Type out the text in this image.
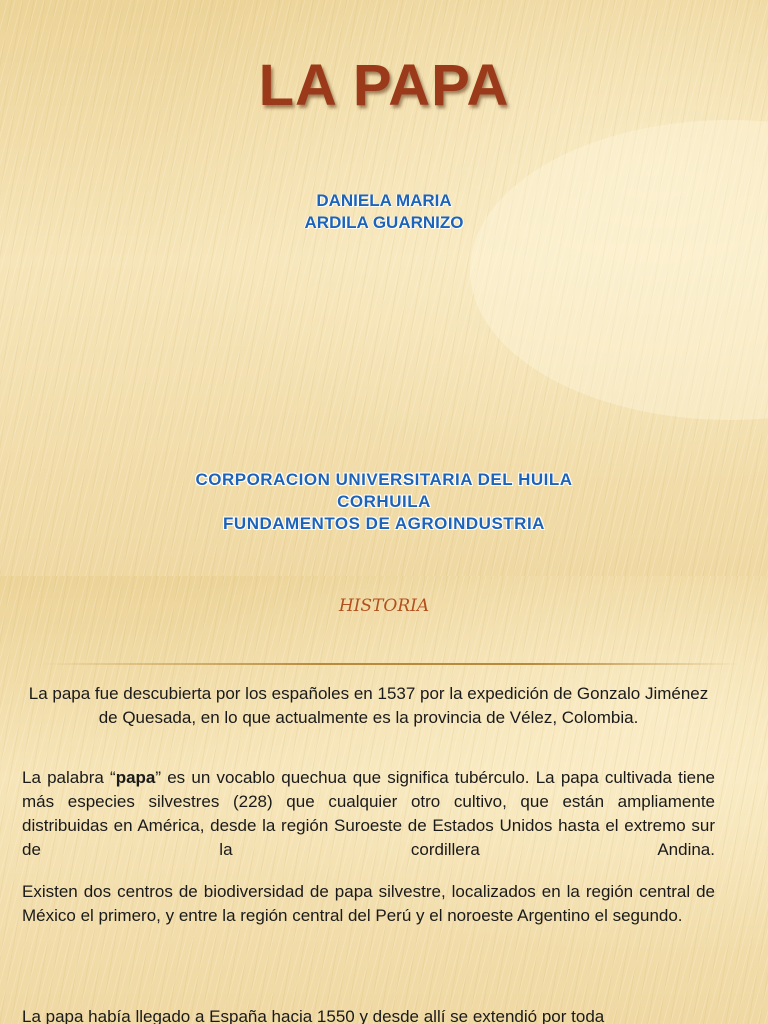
LA PAPA
DANIELA MARIA
ARDILA GUARNIZO
CORPORACION UNIVERSITARIA DEL HUILA
CORHUILA
FUNDAMENTOS DE AGROINDUSTRIA
HISTORIA

La papa fue descubierta por los españoles en 1537 por la expedición de Gonzalo Jiménez de Quesada, en lo que actualmente es la provincia de Vélez, Colombia.

La palabra “papa” es un vocablo quechua que significa tubérculo. La papa cultivada tiene más especies silvestres (228) que cualquier otro cultivo, que están ampliamente distribuidas en América, desde la región Suroeste de Estados Unidos hasta el extremo sur de la cordillera Andina.

Existen dos centros de biodiversidad de papa silvestre, localizados en la región central de México el primero, y entre la región central del Perú y el noroeste Argentino el segundo.

La papa había llegado a España hacia 1550 y desde allí se extendió por toda
